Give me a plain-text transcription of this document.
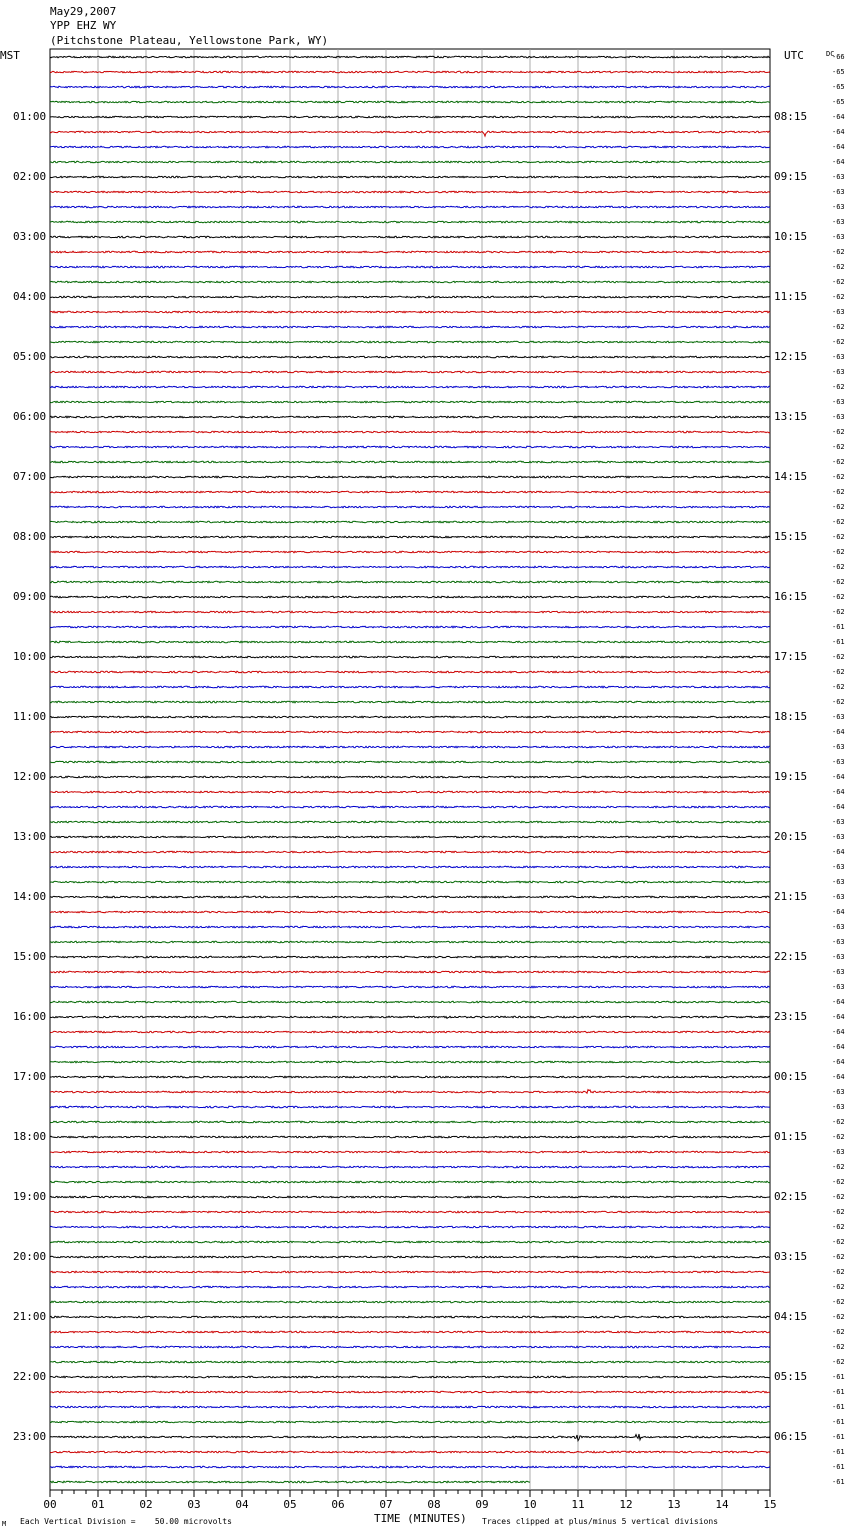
May29,2007
YPP EHZ WY
(Pitchstone Plateau, Yellowstone Park, WY)
MST	UTC	DC
00	01	02	03	04	05	06	07	08	09	10	11	12	13	14	15
01:00
02:00
03:00
04:00
05:00
06:00
07:00
08:00
09:00
10:00
11:00
12:00
13:00
14:00
15:00
16:00
17:00
18:00
19:00
20:00
21:00
22:00
23:00
08:15
09:15
10:15
11:15
12:15
13:15
14:15
15:15
16:15
17:15
18:15
19:15
20:15
21:15
22:15
23:15
00:15
01:15
02:15
03:15
04:15
05:15
06:15
-66
-65
-65
-65
-64
-64
-64
-64
-63
-63
-63
-63
-63
-62
-62
-62
-62
-63
-62
-62
-63
-63
-62
-63
-63
-62
-62
-62
-62
-62
-62
-62
-62
-62
-62
-62
-62
-62
-61
-61
-62
-62
-62
-62
-63
-64
-63
-63
-64
-64
-64
-63
-63
-64
-63
-63
-63
-64
-63
-63
-63
-63
-63
-64
-64
-64
-64
-64
-64
-63
-63
-62
-62
-63
-62
-62
-62
-62
-62
-62
-62
-62
-62
-62
-62
-62
-62
-62
-61
-61
-61
-61
-61
-61
-61
-61
M Each Vertical Division =    50.00 microvolts	TIME (MINUTES) Traces clipped at plus/minus 5 vertical divisions
